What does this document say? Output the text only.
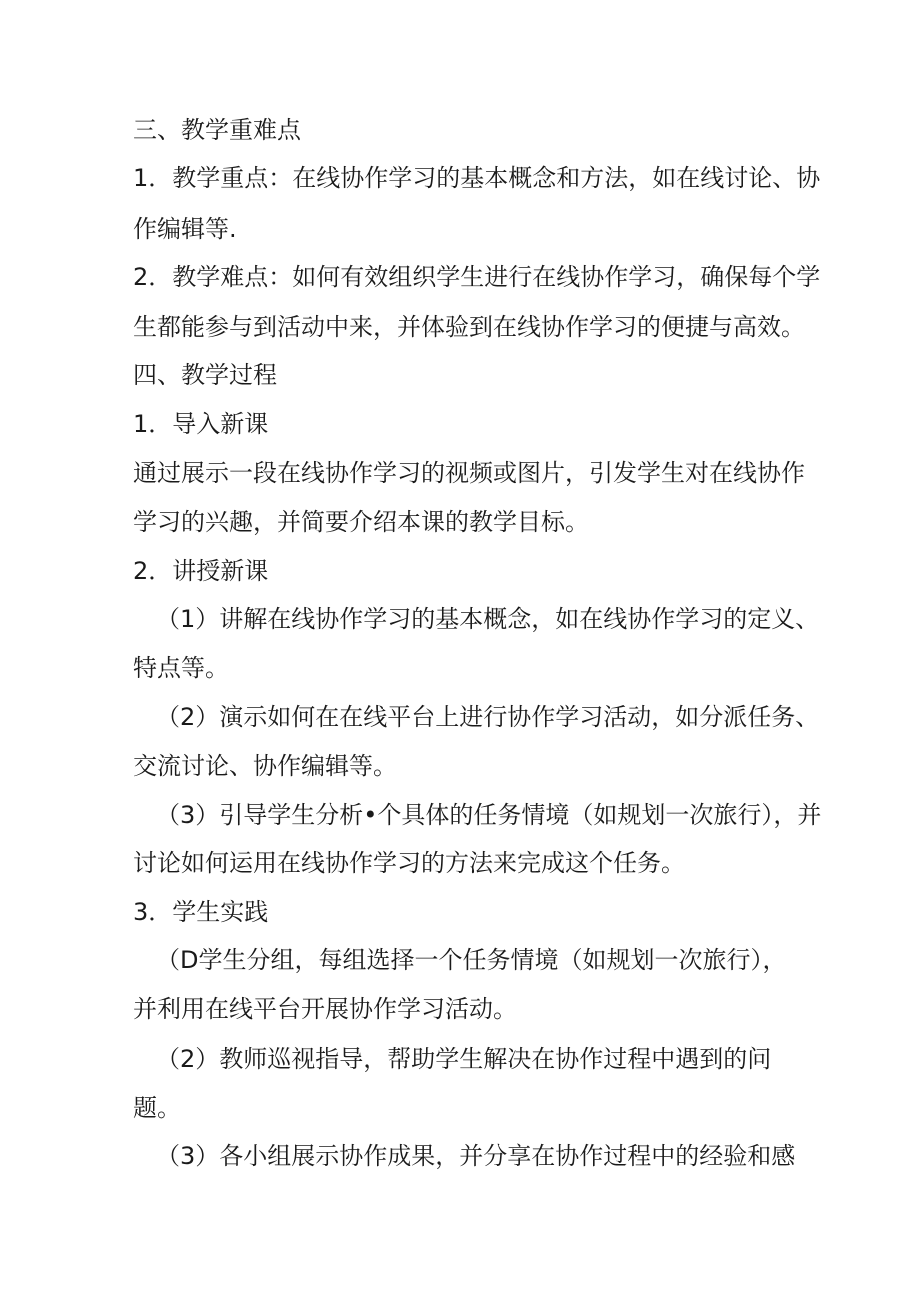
三、教学重难点

1．教学重点：在线协作学习的基本概念和方法，如在线讨论、协

作编辑等.

2．教学难点：如何有效组织学生进行在线协作学习，确保每个学

生都能参与到活动中来，并体验到在线协作学习的便捷与高效。

四、教学过程

1．导入新课

通过展示一段在线协作学习的视频或图片，引发学生对在线协作

学习的兴趣，并简要介绍本课的教学目标。

2．讲授新课

（1）讲解在线协作学习的基本概念，如在线协作学习的定义、

特点等。

（2）演示如何在在线平台上进行协作学习活动，如分派任务、

交流讨论、协作编辑等。

（3）引导学生分析•个具体的任务情境（如规划一次旅行），并

讨论如何运用在线协作学习的方法来完成这个任务。

3．学生实践

（D学生分组，每组选择一个任务情境（如规划一次旅行），

并利用在线平台开展协作学习活动。

（2）教师巡视指导，帮助学生解决在协作过程中遇到的问

题。

（3）各小组展示协作成果，并分享在协作过程中的经验和感
